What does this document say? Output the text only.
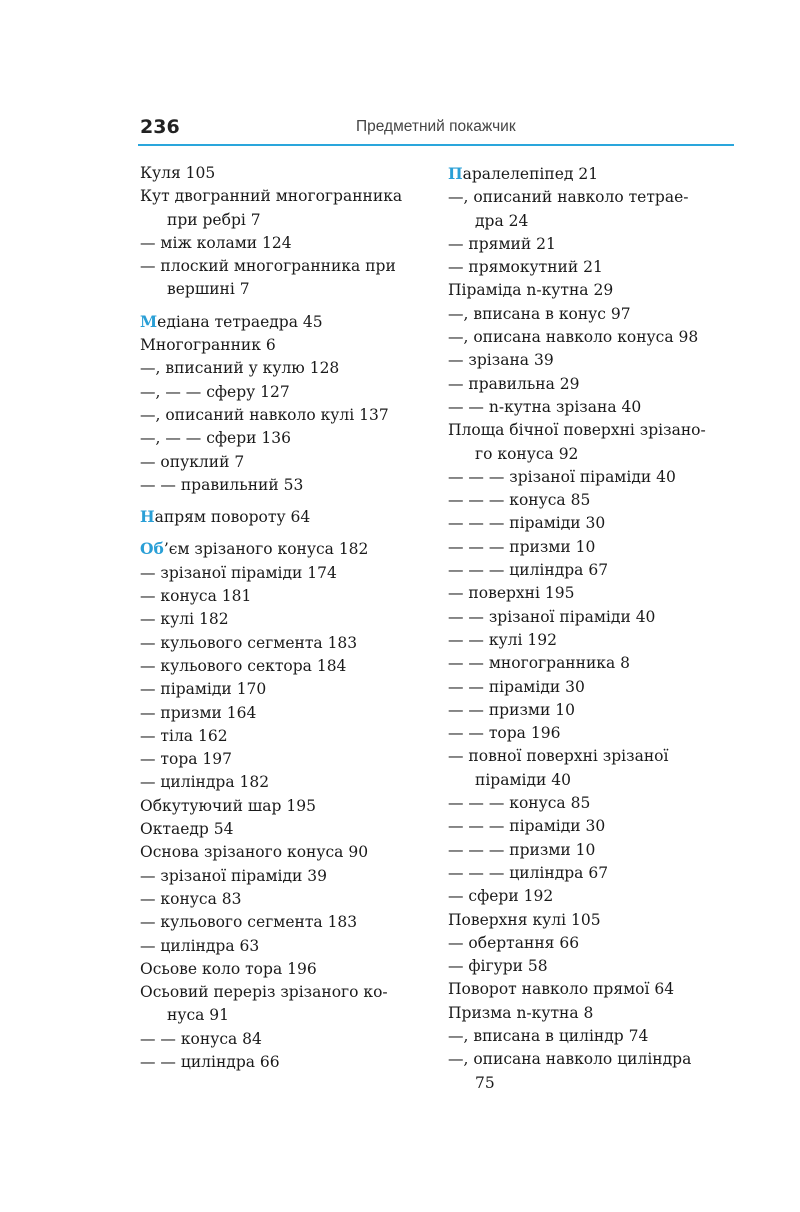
236	Предметний покажчик
Куля 105
Кут двогранний многогранника
при ребрі 7
— між колами 124
— плоский многогранника при
вершині 7
Медіана тетраедра 45
Многогранник 6
—, вписаний у кулю 128
—, — — сферу 127
—, описаний навколо кулі 137
—, — — сфери 136
— опуклий 7
— — правильний 53
Напрям повороту 64
Об’єм зрізаного конуса 182
— зрізаної піраміди 174
— конуса 181
— кулі 182
— кульового сегмента 183
— кульового сектора 184
— піраміди 170
— призми 164
— тіла 162
— тора 197
— циліндра 182
Обкутуючий шар 195
Октаедр 54
Основа зрізаного конуса 90
— зрізаної піраміди 39
— конуса 83
— кульового сегмента 183
— циліндра 63
Осьове коло тора 196
Осьовий переріз зрізаного ко-
нуса 91
— — конуса 84
— — циліндра 66
Паралелепіпед 21
—, описаний навколо тетрае-
дра 24
— прямий 21
— прямокутний 21
Піраміда n-кутна 29
—, вписана в конус 97
—, описана навколо конуса 98
— зрізана 39
— правильна 29
— — n-кутна зрізана 40
Площа бічної поверхні зрізано-
го конуса 92
— — — зрізаної піраміди 40
— — — конуса 85
— — — піраміди 30
— — — призми 10
— — — циліндра 67
— поверхні 195
— — зрізаної піраміди 40
— — кулі 192
— — многогранника 8
— — піраміди 30
— — призми 10
— — тора 196
— повної поверхні зрізаної
піраміди 40
— — — конуса 85
— — — піраміди 30
— — — призми 10
— — — циліндра 67
— сфери 192
Поверхня кулі 105
— обертання 66
— фігури 58
Поворот навколо прямої 64
Призма n-кутна 8
—, вписана в циліндр 74
—, описана навколо циліндра
75
